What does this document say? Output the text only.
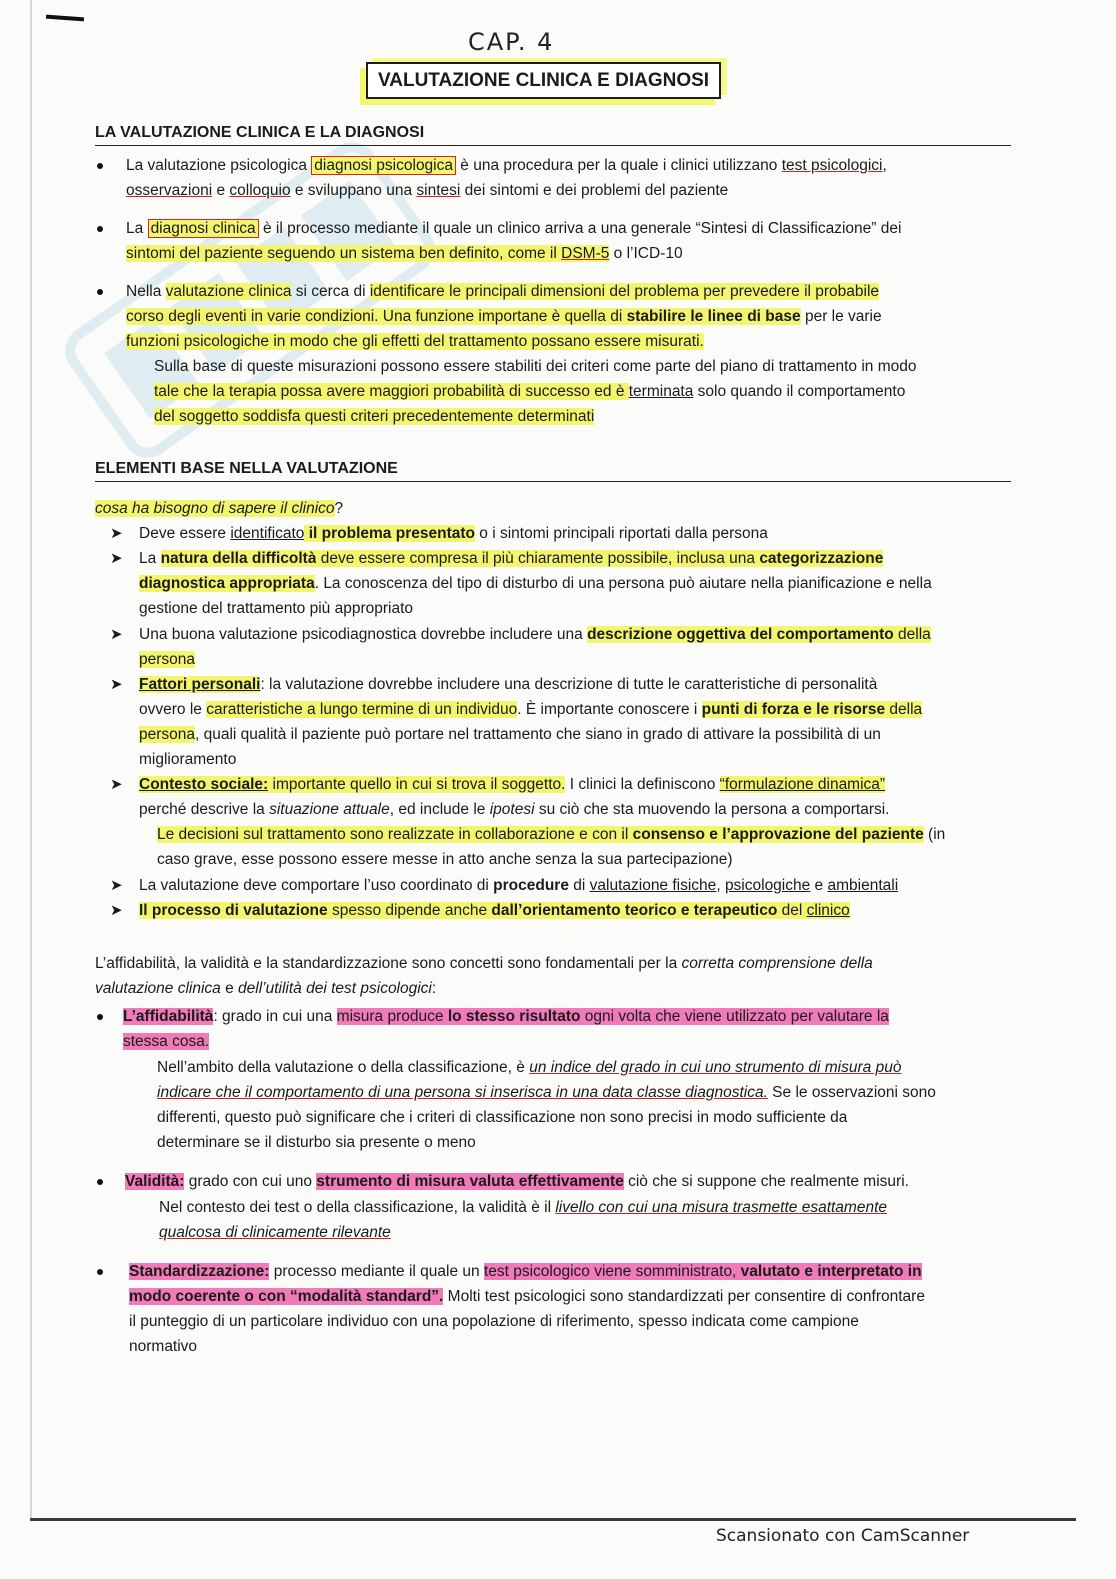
CAP. 4
VALUTAZIONE CLINICA E DIAGNOSI
LA VALUTAZIONE CLINICA E LA DIAGNOSI
La valutazione psicologica diagnosi psicologica è una procedura per la quale i clinici utilizzano test psicologici,
osservazioni e colloquio e sviluppano una sintesi dei sintomi e dei problemi del paziente
La diagnosi clinica è il processo mediante il quale un clinico arriva a una generale “Sintesi di Classificazione” dei
sintomi del paziente seguendo un sistema ben definito, come il DSM-5 o l’ICD-10
Nella valutazione clinica si cerca di identificare le principali dimensioni del problema per prevedere il probabile
corso degli eventi in varie condizioni. Una funzione importane è quella di stabilire le linee di base per le varie
funzioni psicologiche in modo che gli effetti del trattamento possano essere misurati.
Sulla base di queste misurazioni possono essere stabiliti dei criteri come parte del piano di trattamento in modo
tale che la terapia possa avere maggiori probabilità di successo ed è terminata solo quando il comportamento
del soggetto soddisfa questi criteri precedentemente determinati
ELEMENTI BASE NELLA VALUTAZIONE
cosa ha bisogno di sapere il clinico?
➤ Deve essere identificato il problema presentato o i sintomi principali riportati dalla persona
➤ La natura della difficoltà deve essere compresa il più chiaramente possibile, inclusa una categorizzazione
diagnostica appropriata. La conoscenza del tipo di disturbo di una persona può aiutare nella pianificazione e nella
gestione del trattamento più appropriato
➤ Una buona valutazione psicodiagnostica dovrebbe includere una descrizione oggettiva del comportamento della
persona
➤ Fattori personali: la valutazione dovrebbe includere una descrizione di tutte le caratteristiche di personalità
ovvero le caratteristiche a lungo termine di un individuo. È importante conoscere i punti di forza e le risorse della
persona, quali qualità il paziente può portare nel trattamento che siano in grado di attivare la possibilità di un
miglioramento
➤ Contesto sociale: importante quello in cui si trova il soggetto. I clinici la definiscono “formulazione dinamica”
perché descrive la situazione attuale, ed include le ipotesi su ciò che sta muovendo la persona a comportarsi.
Le decisioni sul trattamento sono realizzate in collaborazione e con il consenso e l’approvazione del paziente (in
caso grave, esse possono essere messe in atto anche senza la sua partecipazione)
➤ La valutazione deve comportare l’uso coordinato di procedure di valutazione fisiche, psicologiche e ambientali
➤ Il processo di valutazione spesso dipende anche dall’orientamento teorico e terapeutico del clinico
L’affidabilità, la validità e la standardizzazione sono concetti sono fondamentali per la corretta comprensione della
valutazione clinica e dell’utilità dei test psicologici:
L’affidabilità: grado in cui una misura produce lo stesso risultato ogni volta che viene utilizzato per valutare la
stessa cosa.
Nell’ambito della valutazione o della classificazione, è un indice del grado in cui uno strumento di misura può
indicare che il comportamento di una persona si inserisca in una data classe diagnostica. Se le osservazioni sono
differenti, questo può significare che i criteri di classificazione non sono precisi in modo sufficiente da
determinare se il disturbo sia presente o meno
Validità: grado con cui uno strumento di misura valuta effettivamente ciò che si suppone che realmente misuri.
Nel contesto dei test o della classificazione, la validità è il livello con cui una misura trasmette esattamente
qualcosa di clinicamente rilevante
Standardizzazione: processo mediante il quale un test psicologico viene somministrato, valutato e interpretato in
modo coerente o con “modalità standard”. Molti test psicologici sono standardizzati per consentire di confrontare
il punteggio di un particolare individuo con una popolazione di riferimento, spesso indicata come campione
normativo
Scansionato con CamScanner
